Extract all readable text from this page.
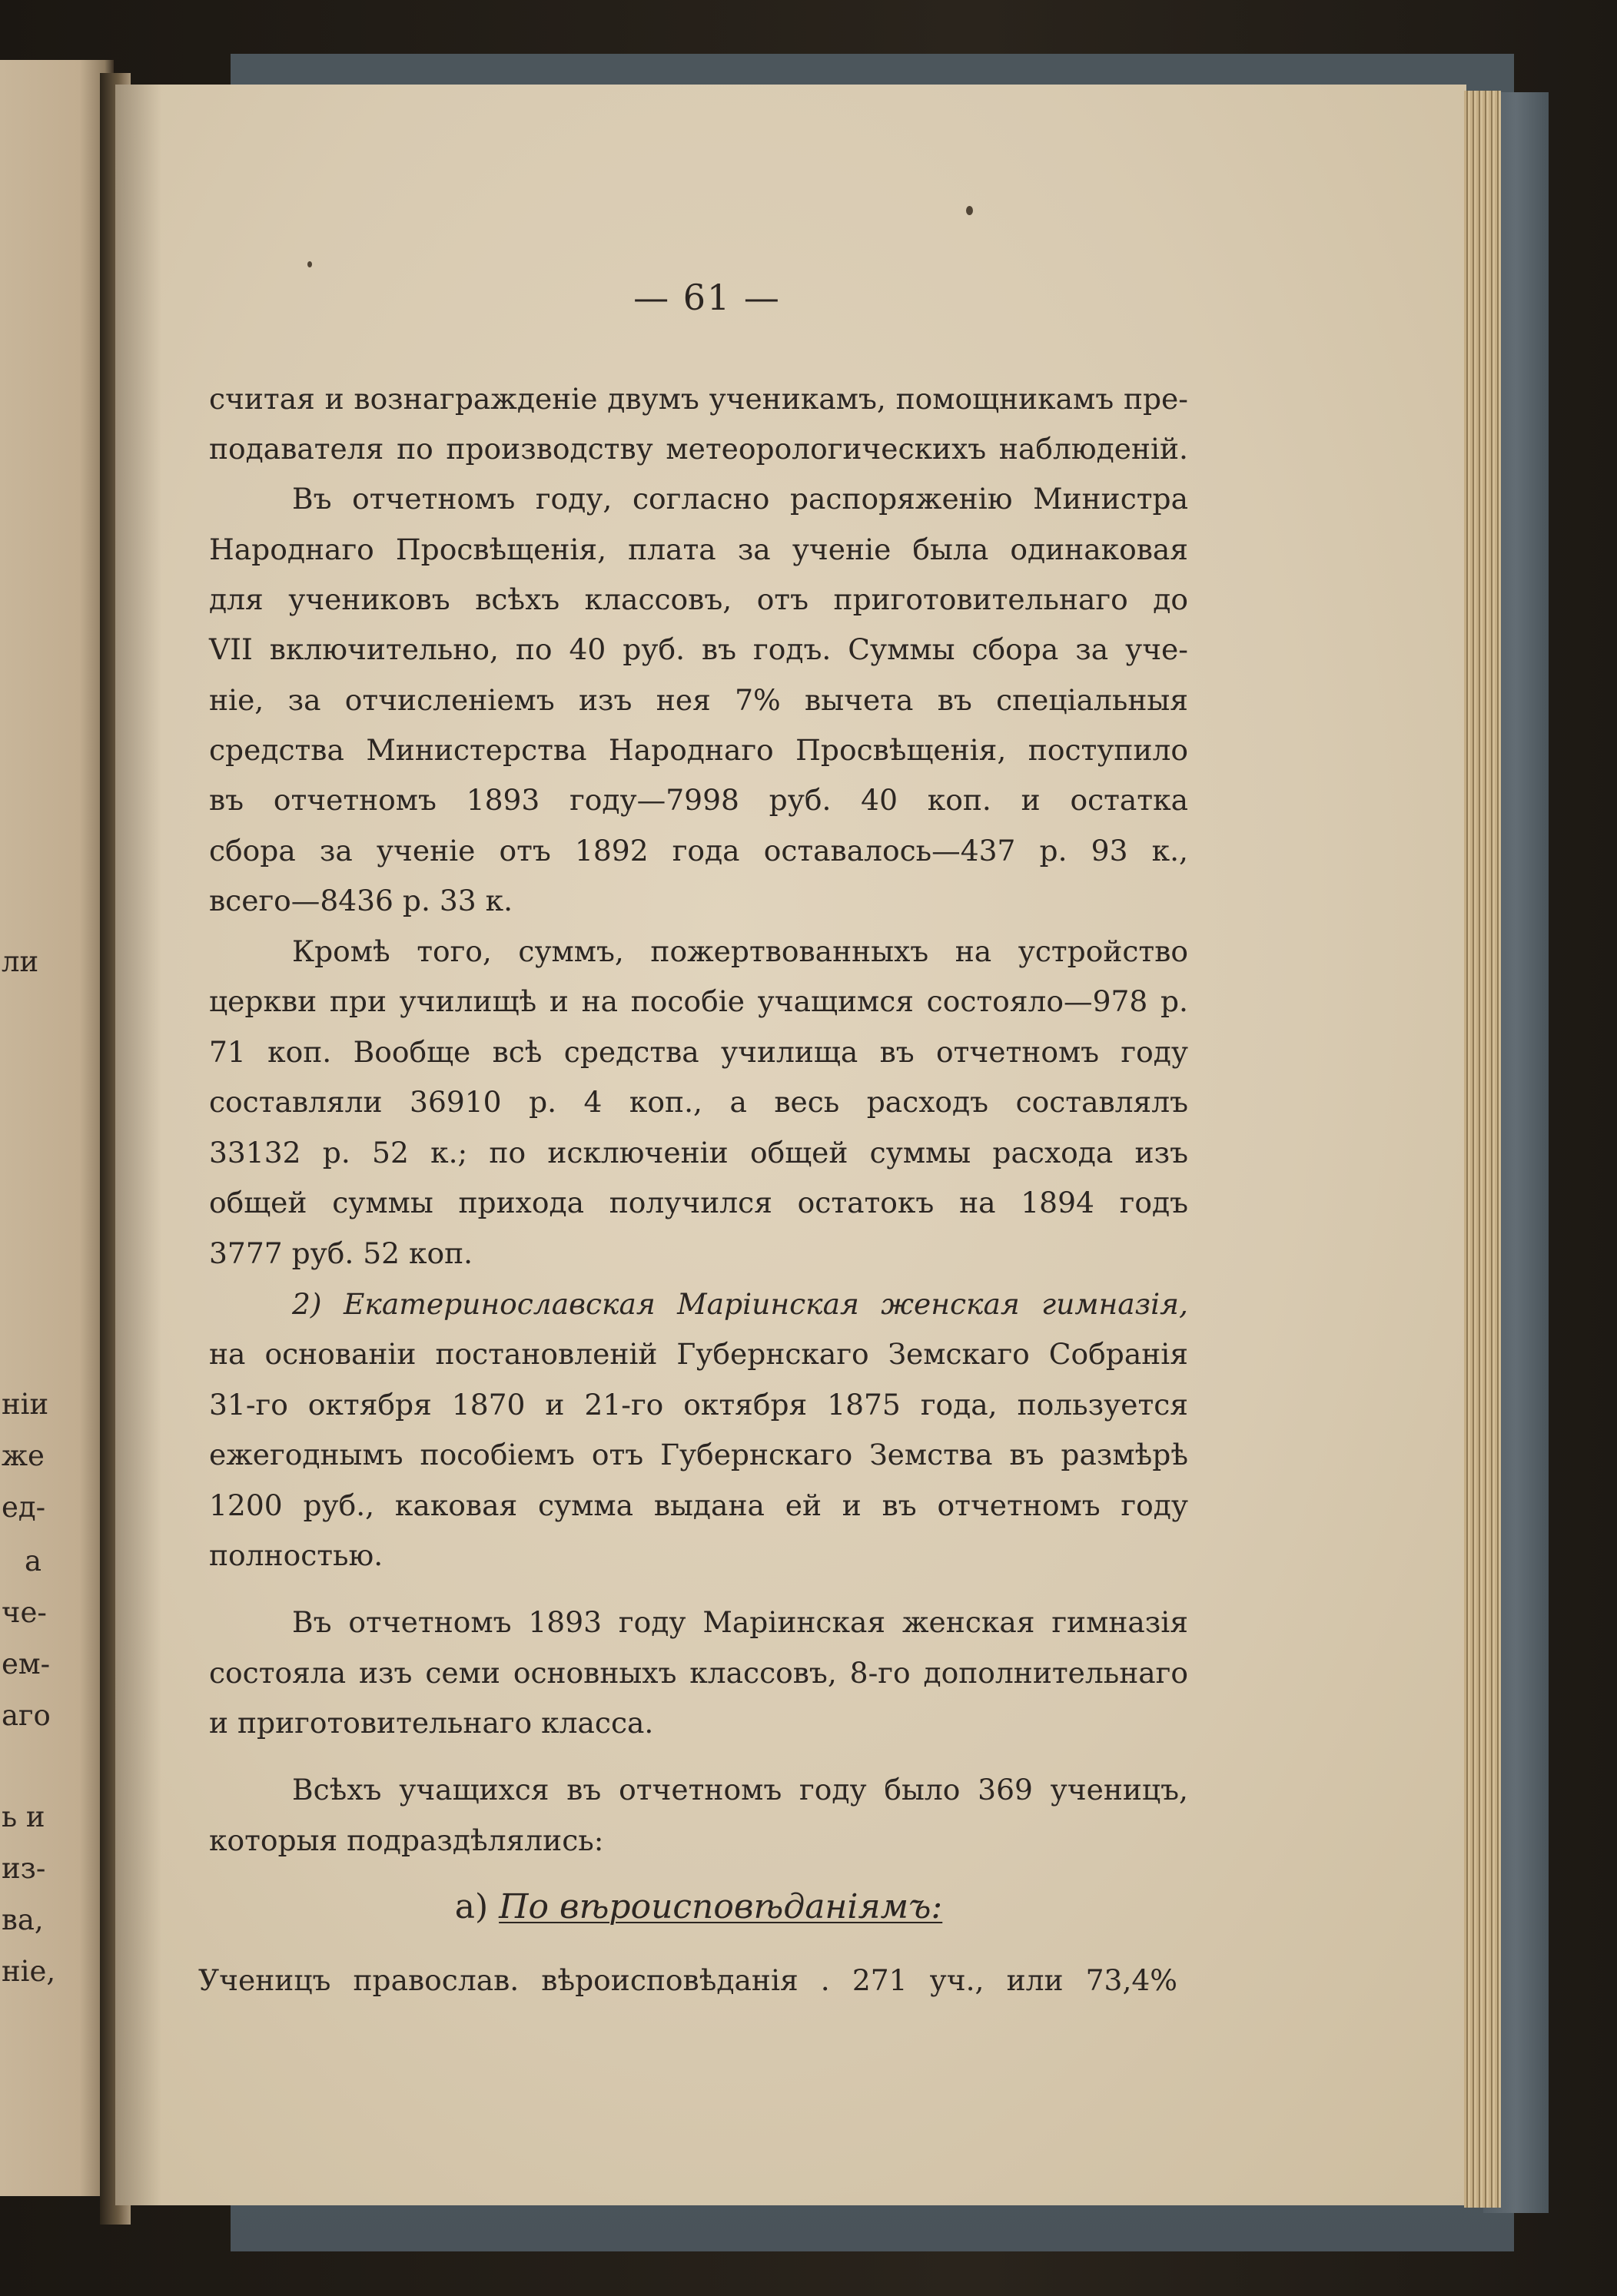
ли
ніи
же
ед-
а
че-
ем-
аго
ь и
из-
ва,
ніе,
— 61 —
считая и вознагражденіе двумъ ученикамъ, помощникамъ пре-
подавателя по производству метеорологическихъ наблюденій.
Въ отчетномъ году, согласно распоряженію Министра
Народнаго Просвѣщенія, плата за ученіе была одинаковая
для учениковъ всѣхъ классовъ, отъ приготовительнаго до
VII включительно, по 40 руб. въ годъ. Суммы сбора за уче-
ніе, за отчисленіемъ изъ нея 7% вычета въ спеціальныя
средства Министерства Народнаго Просвѣщенія, поступило
въ отчетномъ 1893 году—7998 руб. 40 коп. и остатка
сбора за ученіе отъ 1892 года оставалось—437 р. 93 к.,
всего—8436 р. 33 к.
Кромѣ того, суммъ, пожертвованныхъ на устройство
церкви при училищѣ и на пособіе учащимся состояло—978 р.
71 коп. Вообще всѣ средства училища въ отчетномъ году
составляли 36910 р. 4 коп., а весь расходъ составлялъ
33132 р. 52 к.; по исключеніи общей суммы расхода изъ
общей суммы прихода получился остатокъ на 1894 годъ
3777 руб. 52 коп.
2) Екатеринославская Маріинская женская гимназія,
на основаніи постановленій Губернскаго Земскаго Собранія
31-го октября 1870 и 21-го октября 1875 года, пользуется
ежегоднымъ пособіемъ отъ Губернскаго Земства въ размѣрѣ
1200 руб., каковая сумма выдана ей и въ отчетномъ году
полностью.
Въ отчетномъ 1893 году Маріинская женская гимназія
состояла изъ семи основныхъ классовъ, 8-го дополнительнаго
и приготовительнаго класса.
Всѣхъ учащихся въ отчетномъ году было 369 ученицъ,
которыя подраздѣлялись:
а) По вѣроисповѣданіямъ:
Ученицъ православ. вѣроисповѣданія . 271 уч., или 73,4%
